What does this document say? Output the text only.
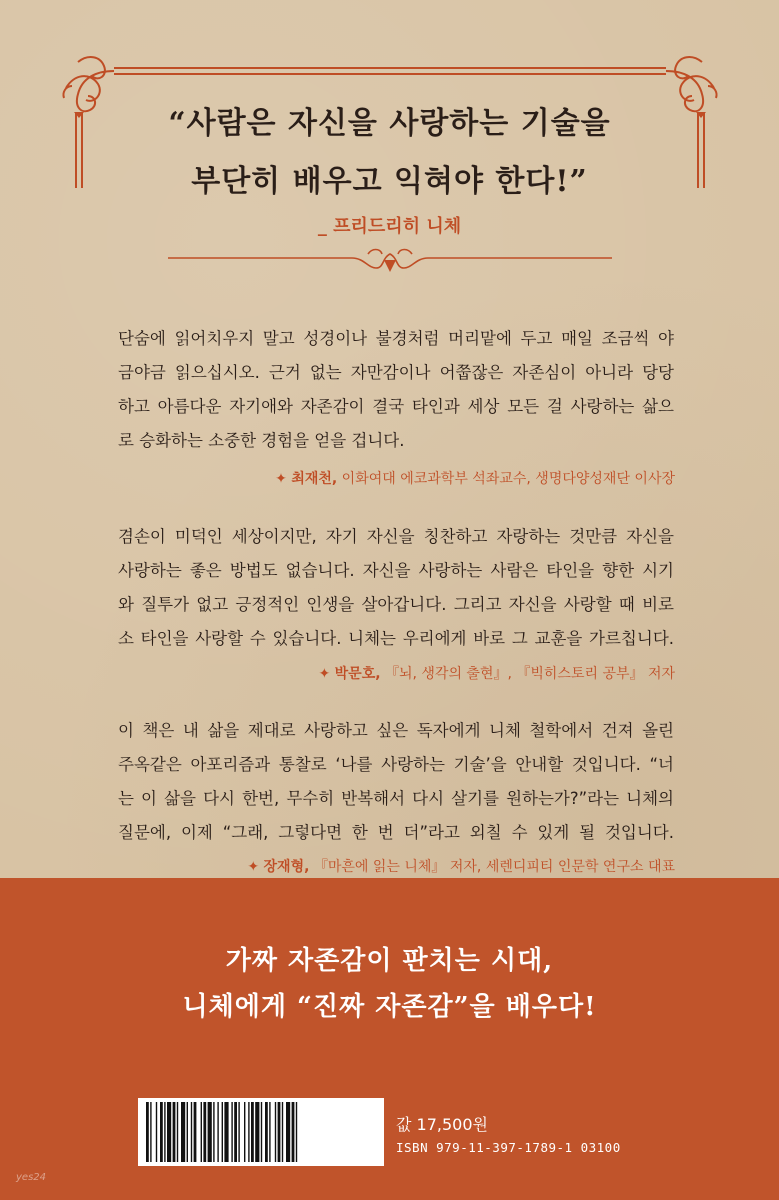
“사람은 자신을 사랑하는 기술을
부단히 배우고 익혀야 한다!”
_ 프리드리히 니체
단숨에 읽어치우지 말고 성경이나 불경처럼 머리맡에 두고 매일 조금씩 야
금야금 읽으십시오. 근거 없는 자만감이나 어쭙잖은 자존심이 아니라 당당
하고 아름다운 자기애와 자존감이 결국 타인과 세상 모든 걸 사랑하는 삶으
로 승화하는 소중한 경험을 얻을 겁니다.
✦ 최재천, 이화여대 에코과학부 석좌교수, 생명다양성재단 이사장
겸손이 미덕인 세상이지만, 자기 자신을 칭찬하고 자랑하는 것만큼 자신을
사랑하는 좋은 방법도 없습니다. 자신을 사랑하는 사람은 타인을 향한 시기
와 질투가 없고 긍정적인 인생을 살아갑니다. 그리고 자신을 사랑할 때 비로
소 타인을 사랑할 수 있습니다. 니체는 우리에게 바로 그 교훈을 가르칩니다.
✦ 박문호, 『뇌, 생각의 출현』, 『빅히스토리 공부』 저자
이 책은 내 삶을 제대로 사랑하고 싶은 독자에게 니체 철학에서 건져 올린
주옥같은 아포리즘과 통찰로 ‘나를 사랑하는 기술’을 안내할 것입니다. “너
는 이 삶을 다시 한번, 무수히 반복해서 다시 살기를 원하는가?”라는 니체의
질문에, 이제 “그래, 그렇다면 한 번 더”라고 외칠 수 있게 될 것입니다.
✦ 장재형, 『마흔에 읽는 니체』 저자, 세렌디피티 인문학 연구소 대표
가짜 자존감이 판치는 시대,
니체에게 “진짜 자존감”을 배우다!
값 17,500원
ISBN 979-11-397-1789-1 03100
yes24
